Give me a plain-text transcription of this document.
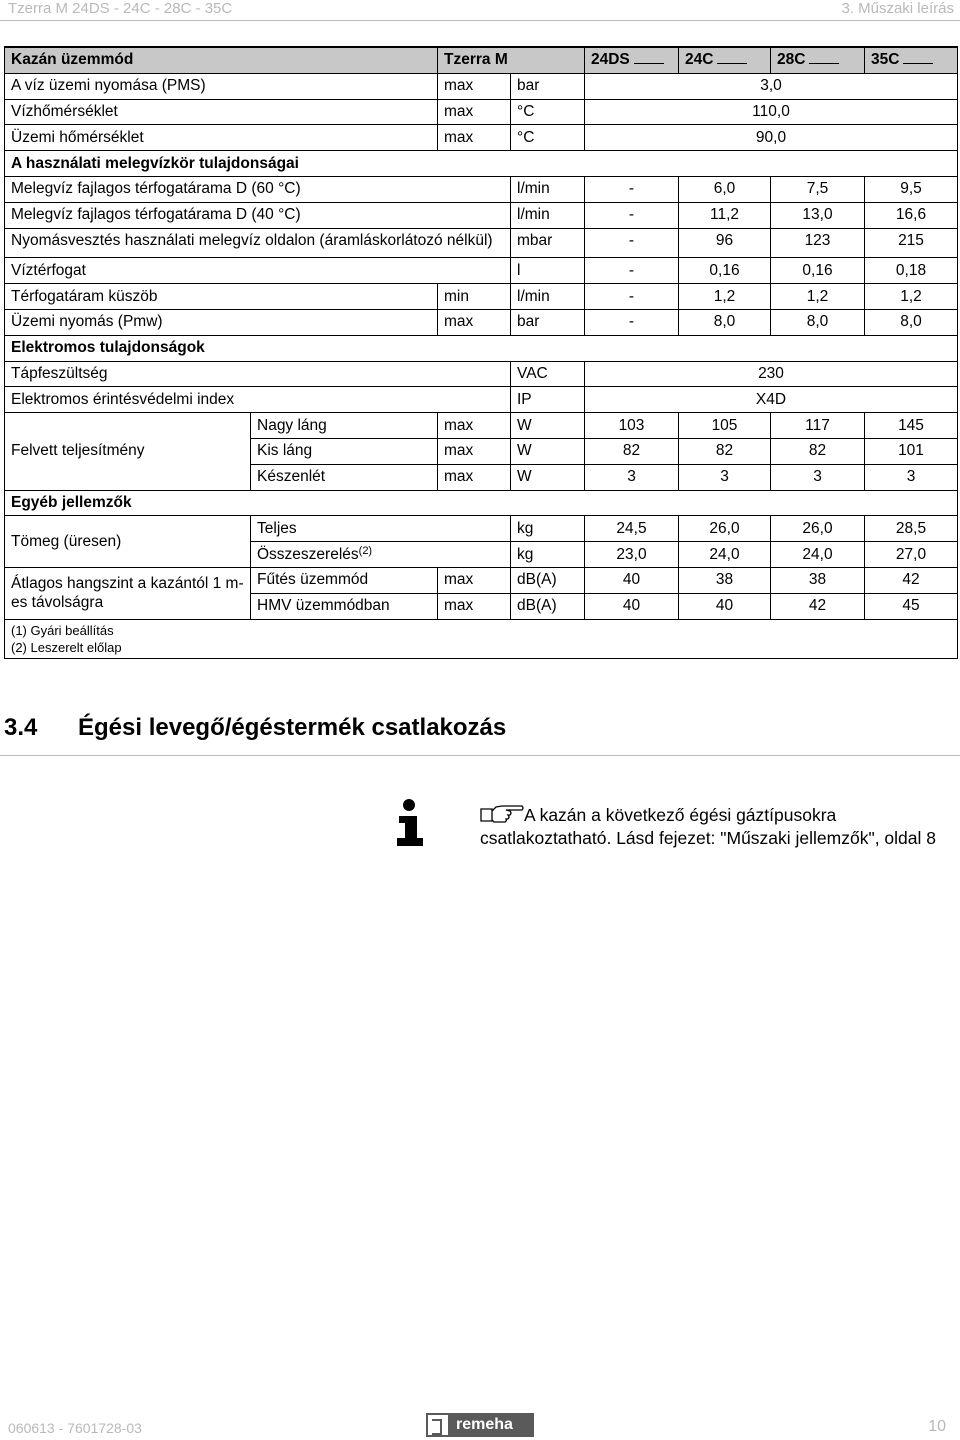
Tzerra M 24DS - 24C - 28C - 35C	3. Műszaki leírás
Kazán üzemmód		Tzerra M		24DS	24C	28C	35C
A víz üzemi nyomása (PMS)		max	bar	3,0			
Vízhőmérséklet		max	°C	110,0			
Üzemi hőmérséklet		max	°C	90,0			
A használati melegvízkör tulajdonságai							
Melegvíz fajlagos térfogatárama D (60 °C)			l/min	-	6,0	7,5	9,5
Melegvíz fajlagos térfogatárama D (40 °C)			l/min	-	11,2	13,0	16,6
Nyomásvesztés használati melegvíz oldalon (áramláskorlátozó nélkül)			mbar	-	96	123	215
Víztérfogat			l	-	0,16	0,16	0,18
Térfogatáram küszöb		min	l/min	-	1,2	1,2	1,2
Üzemi nyomás (Pmw)		max	bar	-	8,0	8,0	8,0
Elektromos tulajdonságok							
Tápfeszültség			VAC	230			
Elektromos érintésvédelmi index			IP	X4D			
Felvett teljesítmény	Nagy láng	max	W	103	105	117	145
	Kis láng	max	W	82	82	82	101
	Készenlét	max	W	3	3	3	3
Egyéb jellemzők							
Tömeg (üresen)	Teljes		kg	24,5	26,0	26,0	28,5
	Összeszerelés$^{(2)}$		kg	23,0	24,0	24,0	27,0
Átlagos hangszint a kazántól 1 m-es távolságra	Fűtés üzemmód	max	dB(A)	40	38	38	42
	HMV üzemmódban	max	dB(A)	40	40	42	45

(1) Gyári beállítás
(2) Leszerelt előlap							
3.4 Égési levegő/égéstermék csatlakozás
A kazán a következő égési gáztípusokra csatlakoztatható. Lásd fejezet: "Műszaki jellemzők", oldal 8
060613 - 7601728-03	remeha	10
